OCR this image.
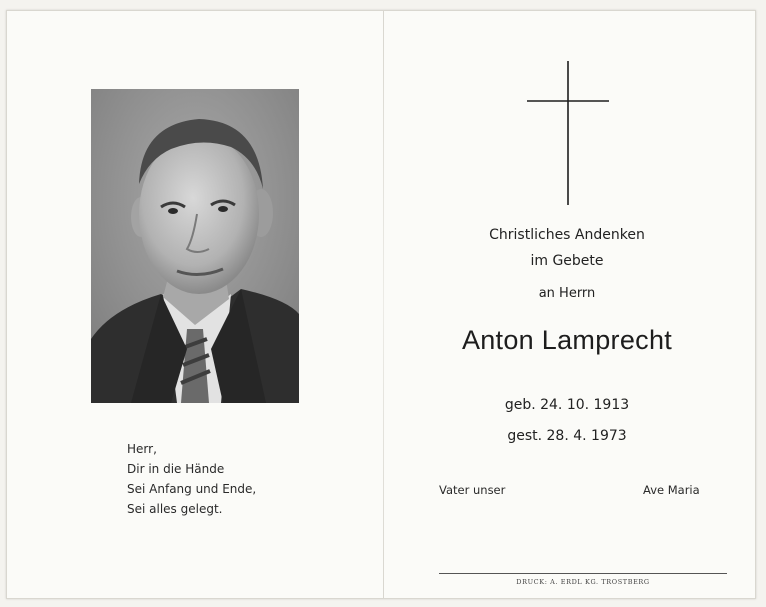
Herr,
Dir in die Hände
Sei Anfang und Ende,
Sei alles gelegt.
Christliches Andenken
im Gebete
an Herrn
Anton Lamprecht
geb. 24. 10. 1913
gest. 28. 4. 1973
Vater unser	Ave Maria
DRUCK: A. ERDL KG. TROSTBERG
